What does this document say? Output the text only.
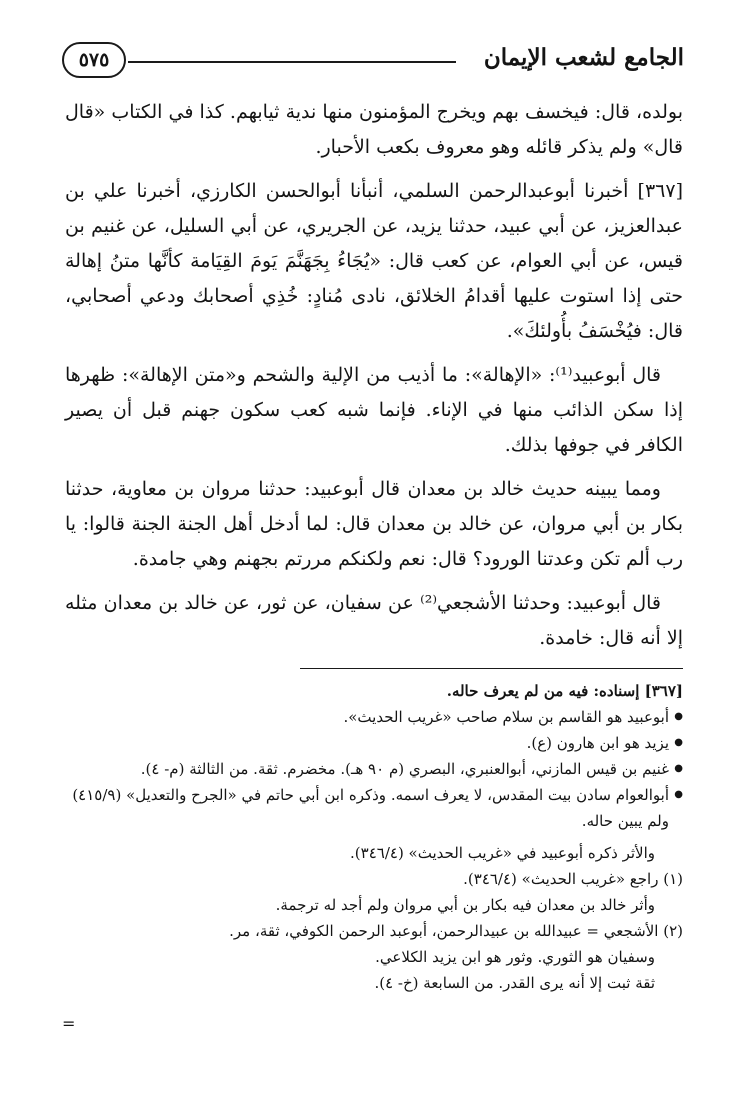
الجامع لشعب الإيمان
٥٧٥

بولده، قال: فيخسف بهم ويخرج المؤمنون منها ندية ثيابهم. كذا في الكتاب «قال قال» ولم يذكر قائله وهو معروف بكعب الأحبار.

[٣٦٧] أخبرنا أبوعبدالرحمن السلمي، أنبأنا أبوالحسن الكارزي، أخبرنا علي بن عبدالعزيز، عن أبي عبيد، حدثنا يزيد، عن الجريري، عن أبي السليل، عن غنيم بن قيس، عن أبي العوام، عن كعب قال: «يُجَاءُ بِجَهَنَّمَ يَومَ القِيَامة كأنَّها متنُ إهالة حتى إذا استوت عليها أقدامُ الخلائق، نادى مُنادٍ: خُذِي أصحابك ودعي أصحابي، قال: فيُخْسَفُ بأُولئكَ».

قال أبوعبيد⁽¹⁾: «الإهالة»: ما أذيب من الإلية والشحم و«متن الإهالة»: ظهرها إذا سكن الذائب منها في الإناء. فإنما شبه كعب سكون جهنم قبل أن يصير الكافر في جوفها بذلك.

ومما يبينه حديث خالد بن معدان قال أبوعبيد: حدثنا مروان بن معاوية، حدثنا بكار بن أبي مروان، عن خالد بن معدان قال: لما أدخل أهل الجنة الجنة قالوا: يا رب ألم تكن وعدتنا الورود؟ قال: نعم ولكنكم مررتم بجهنم وهي جامدة.

قال أبوعبيد: وحدثنا الأشجعي⁽²⁾ عن سفيان، عن ثور، عن خالد بن معدان مثله إلا أنه قال: خامدة.

[٣٦٧] إسناده: فيه من لم يعرف حاله.

● أبوعبيد هو القاسم بن سلام صاحب «غريب الحديث».
● يزيد هو ابن هارون (ع).
● غنيم بن قيس المازني، أبوالعنبري، البصري (م ٩٠ هـ). مخضرم. ثقة. من الثالثة (م- ٤).
● أبوالعوام سادن بيت المقدس، لا يعرف اسمه. وذكره ابن أبي حاتم في «الجرح والتعديل» (٤١٥/٩) ولم يبين حاله.

والأثر ذكره أبوعبيد في «غريب الحديث» (٣٤٦/٤).

(١) راجع «غريب الحديث» (٣٤٦/٤).

وأثر خالد بن معدان فيه بكار بن أبي مروان ولم أجد له ترجمة.

(٢) الأشجعي = عبيدالله بن عبيدالرحمن، أبوعبد الرحمن الكوفي، ثقة، مر.

وسفيان هو الثوري. وثور هو ابن يزيد الكلاعي.

ثقة ثبت إلا أنه يرى القدر. من السابعة (خ- ٤).

=
